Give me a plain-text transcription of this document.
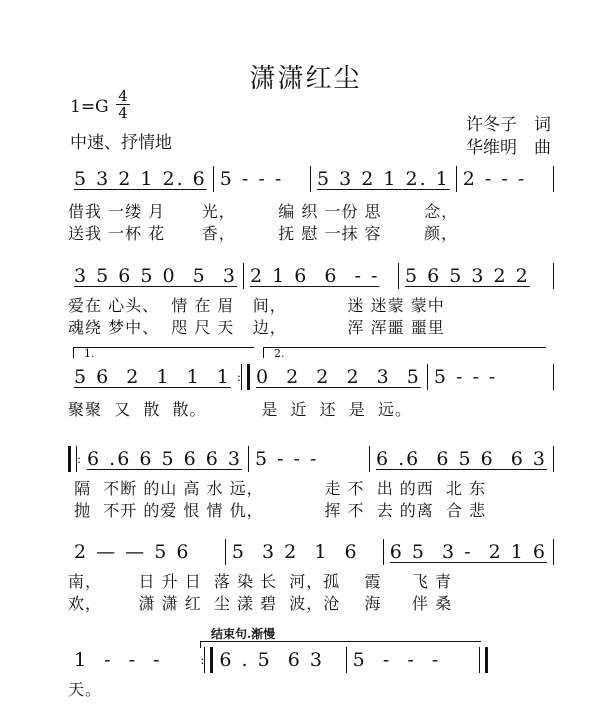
潇潇红尘
1=G
4
4
中速、抒情地
许冬子　词
华维明　曲
5 3 2 1 2. 6 5 - - -	5 3 2 1 2. 1 2 - - -
借我 一缕 月      光，       编 织 一份 思       念，
送我 一杯 花      香，       抚 慰 一抹 容       颜，
3 5 6 5 0  5  3 2 1 6  6  - -	5 6 5 3 2 2
爱在 心头、  情 在 眉   间，          迷 迷蒙 蒙中
魂绕 梦中、  咫 尺 天   边，          浑 浑噩 噩里
1.	2.
5 6  2  1  1  1 : 0  2  2  2  3  5 5 - - -
聚聚  又  散  散。         是  近  还  是  远。
: 6 .6 6 5 6 6 3 5 - - -	6 .6  6 5 6  6 3
隔  不断 的山 高 水 远，          走 不  出 的西  北 东
抛  不开 的爱 恨 情 仇，          挥 不  去 的离  合 悲
2 — — 5 6	5  3 2  1  6	6 5  3 -  2 1 6
南，      日 升 日  落 染 长  河，孤    霞     飞 青
欢，      潇 潇 红  尘 漾 碧  波，沧    海     伴 桑
结束句.渐慢
1  -  -  -	: 6 . 5  6 3	5  -  -  -
天。
